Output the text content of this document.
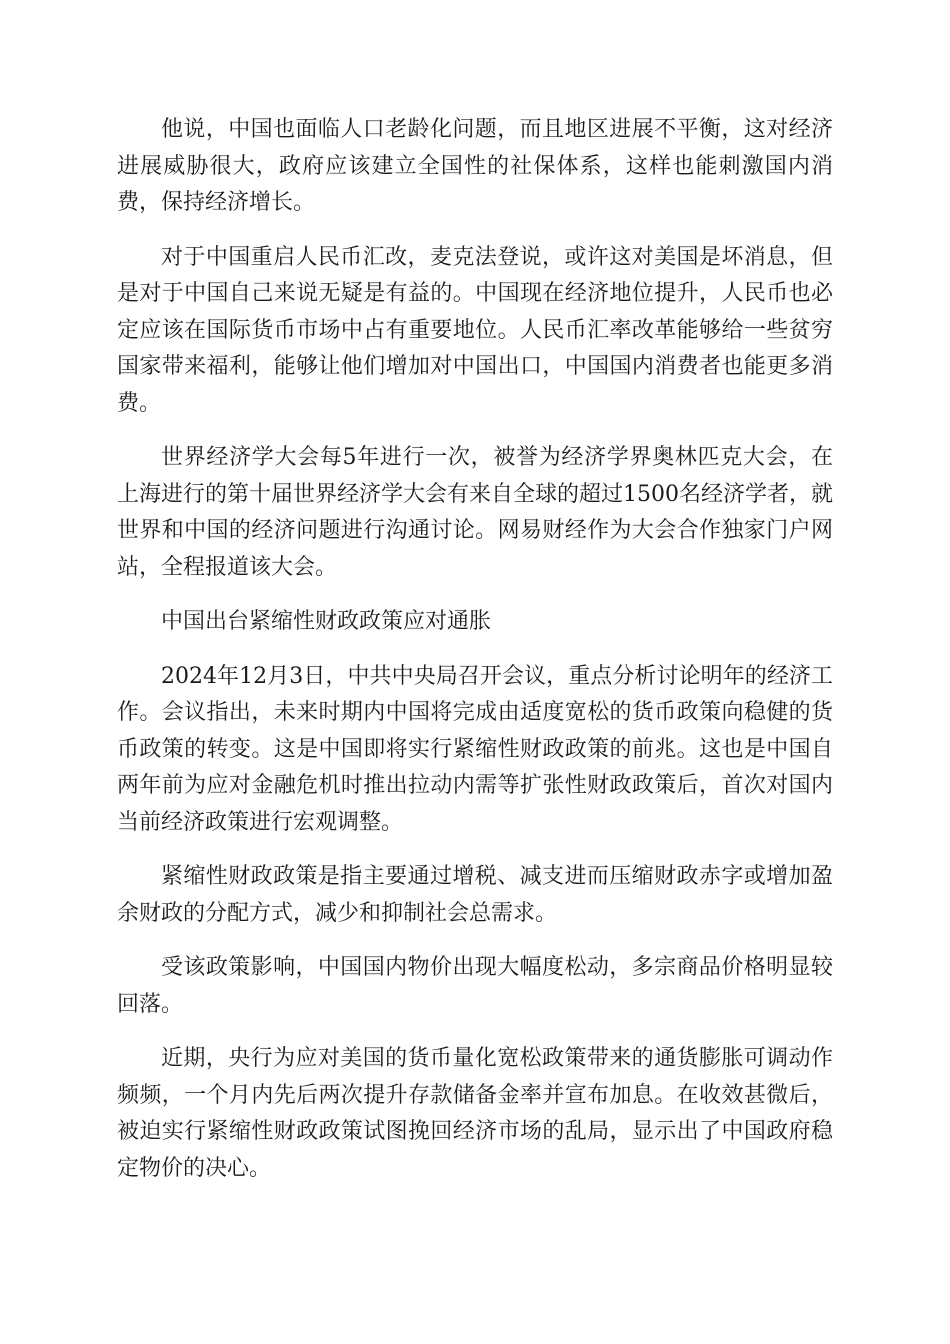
他说，中国也面临人口老龄化问题，而且地区进展不平衡，这对经济进展威胁很大，政府应该建立全国性的社保体系，这样也能刺激国内消费，保持经济增长。

对于中国重启人民币汇改，麦克法登说，或许这对美国是坏消息，但是对于中国自己来说无疑是有益的。中国现在经济地位提升，人民币也必定应该在国际货币市场中占有重要地位。人民币汇率改革能够给一些贫穷国家带来福利，能够让他们增加对中国出口，中国国内消费者也能更多消费。

世界经济学大会每5年进行一次，被誉为经济学界奥林匹克大会，在上海进行的第十届世界经济学大会有来自全球的超过1500名经济学者，就世界和中国的经济问题进行沟通讨论。网易财经作为大会合作独家门户网站，全程报道该大会。

中国出台紧缩性财政政策应对通胀

2024年12月3日，中共中央局召开会议，重点分析讨论明年的经济工作。会议指出，未来时期内中国将完成由适度宽松的货币政策向稳健的货币政策的转变。这是中国即将实行紧缩性财政政策的前兆。这也是中国自两年前为应对金融危机时推出拉动内需等扩张性财政政策后，首次对国内当前经济政策进行宏观调整。

紧缩性财政政策是指主要通过增税、减支进而压缩财政赤字或增加盈余财政的分配方式，减少和抑制社会总需求。

受该政策影响，中国国内物价出现大幅度松动，多宗商品价格明显较回落。

近期，央行为应对美国的货币量化宽松政策带来的通货膨胀可调动作频频，一个月内先后两次提升存款储备金率并宣布加息。在收效甚微后，被迫实行紧缩性财政政策试图挽回经济市场的乱局，显示出了中国政府稳定物价的决心。
